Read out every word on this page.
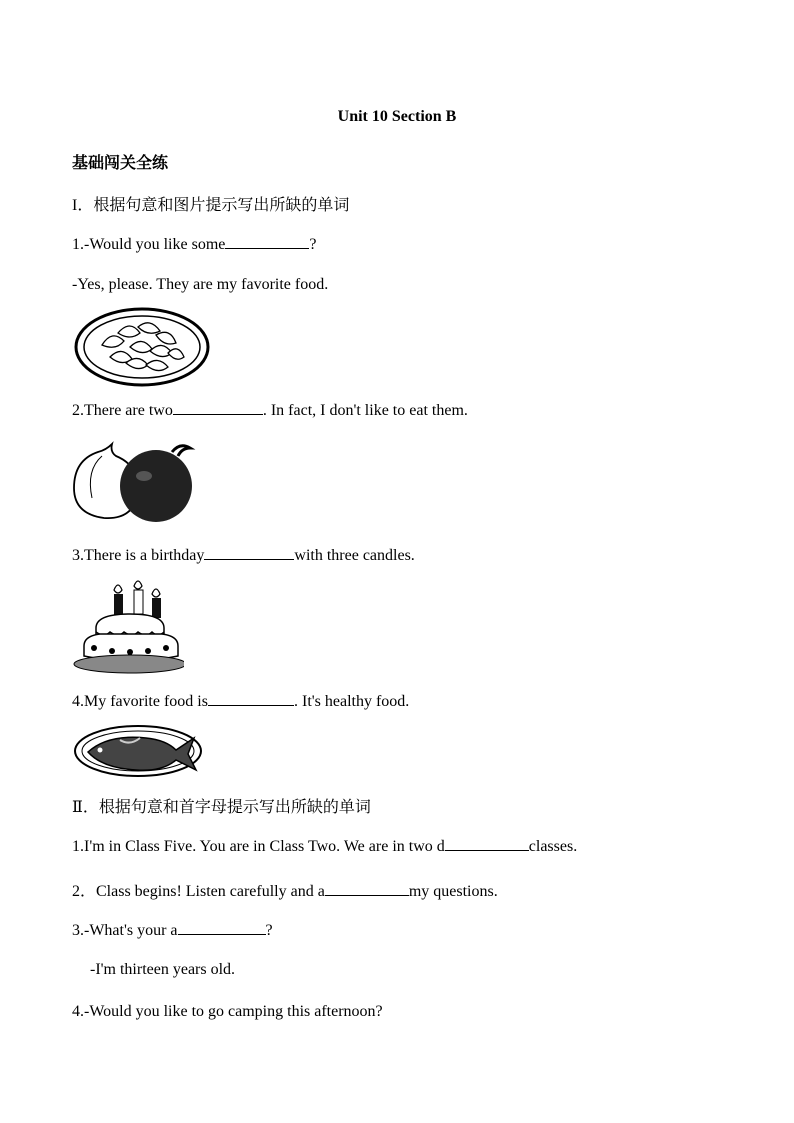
Unit 10 Section B
基础闯关全练
I．根据句意和图片提示写出所缺的单词
1.-Would you like some	?
-Yes, please. They are my favorite food.
2.There are two	. In fact, I don't like to eat them.
3.There is a birthday	with three candles.
4.My favorite food is	. It's healthy food.
Ⅱ．根据句意和首字母提示写出所缺的单词
1.I'm in Class Five. You are in Class Two. We are in two d	classes.
2．Class begins! Listen carefully and a	my questions.
3.-What's your a	?
-I'm thirteen years old.
4.-Would you like to go camping this afternoon?
